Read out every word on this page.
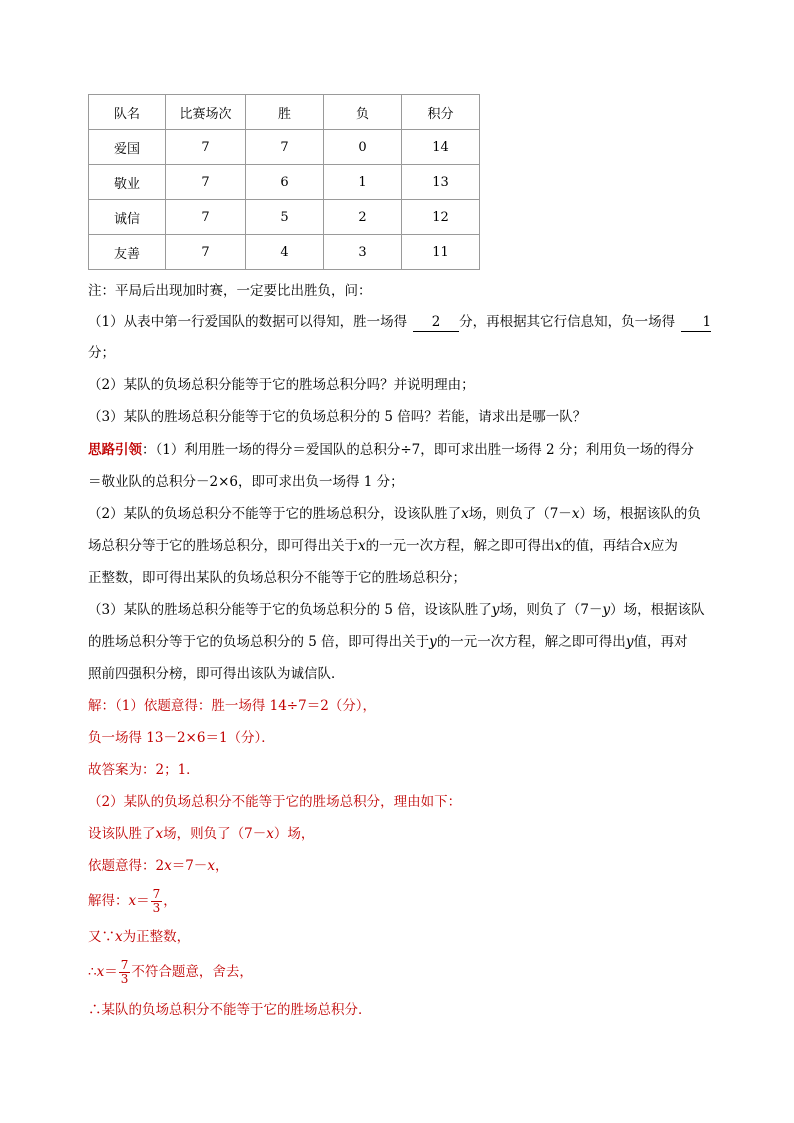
队名	比赛场次	胜	负	积分
爱国	7	7	0	14
敬业	7	6	1	13
诚信	7	5	2	12
友善	7	4	3	11
注：平局后出现加时赛，一定要比出胜负，问：
（1）从表中第一行爱国队的数据可以得知，胜一场得 2 分，再根据其它行信息知，负一场得 1
分；
（2）某队的负场总积分能等于它的胜场总积分吗？并说明理由；
（3）某队的胜场总积分能等于它的负场总积分的 5 倍吗？若能，请求出是哪一队？
思路引领：（1）利用胜一场的得分＝爱国队的总积分÷7，即可求出胜一场得 2 分；利用负一场的得分
＝敬业队的总积分－2×6，即可求出负一场得 1 分；
（2）某队的负场总积分不能等于它的胜场总积分，设该队胜了x场，则负了（7－x）场，根据该队的负
场总积分等于它的胜场总积分，即可得出关于x的一元一次方程，解之即可得出x的值，再结合x应为
正整数，即可得出某队的负场总积分不能等于它的胜场总积分；
（3）某队的胜场总积分能等于它的负场总积分的 5 倍，设该队胜了y场，则负了（7－y）场，根据该队
的胜场总积分等于它的负场总积分的 5 倍，即可得出关于y的一元一次方程，解之即可得出y值，再对
照前四强积分榜，即可得出该队为诚信队．
解：（1）依题意得：胜一场得 14÷7＝2（分），
负一场得 13－2×6＝1（分）．
故答案为：2；1．
（2）某队的负场总积分不能等于它的胜场总积分，理由如下：
设该队胜了x场，则负了（7－x）场，
依题意得：2x＝7－x，
解得：$x= \frac{7}{3}$ ，
又∵x为正整数，
∴x＝ $\frac{7}{3}$ 不符合题意，舍去，
∴某队的负场总积分不能等于它的胜场总积分．
